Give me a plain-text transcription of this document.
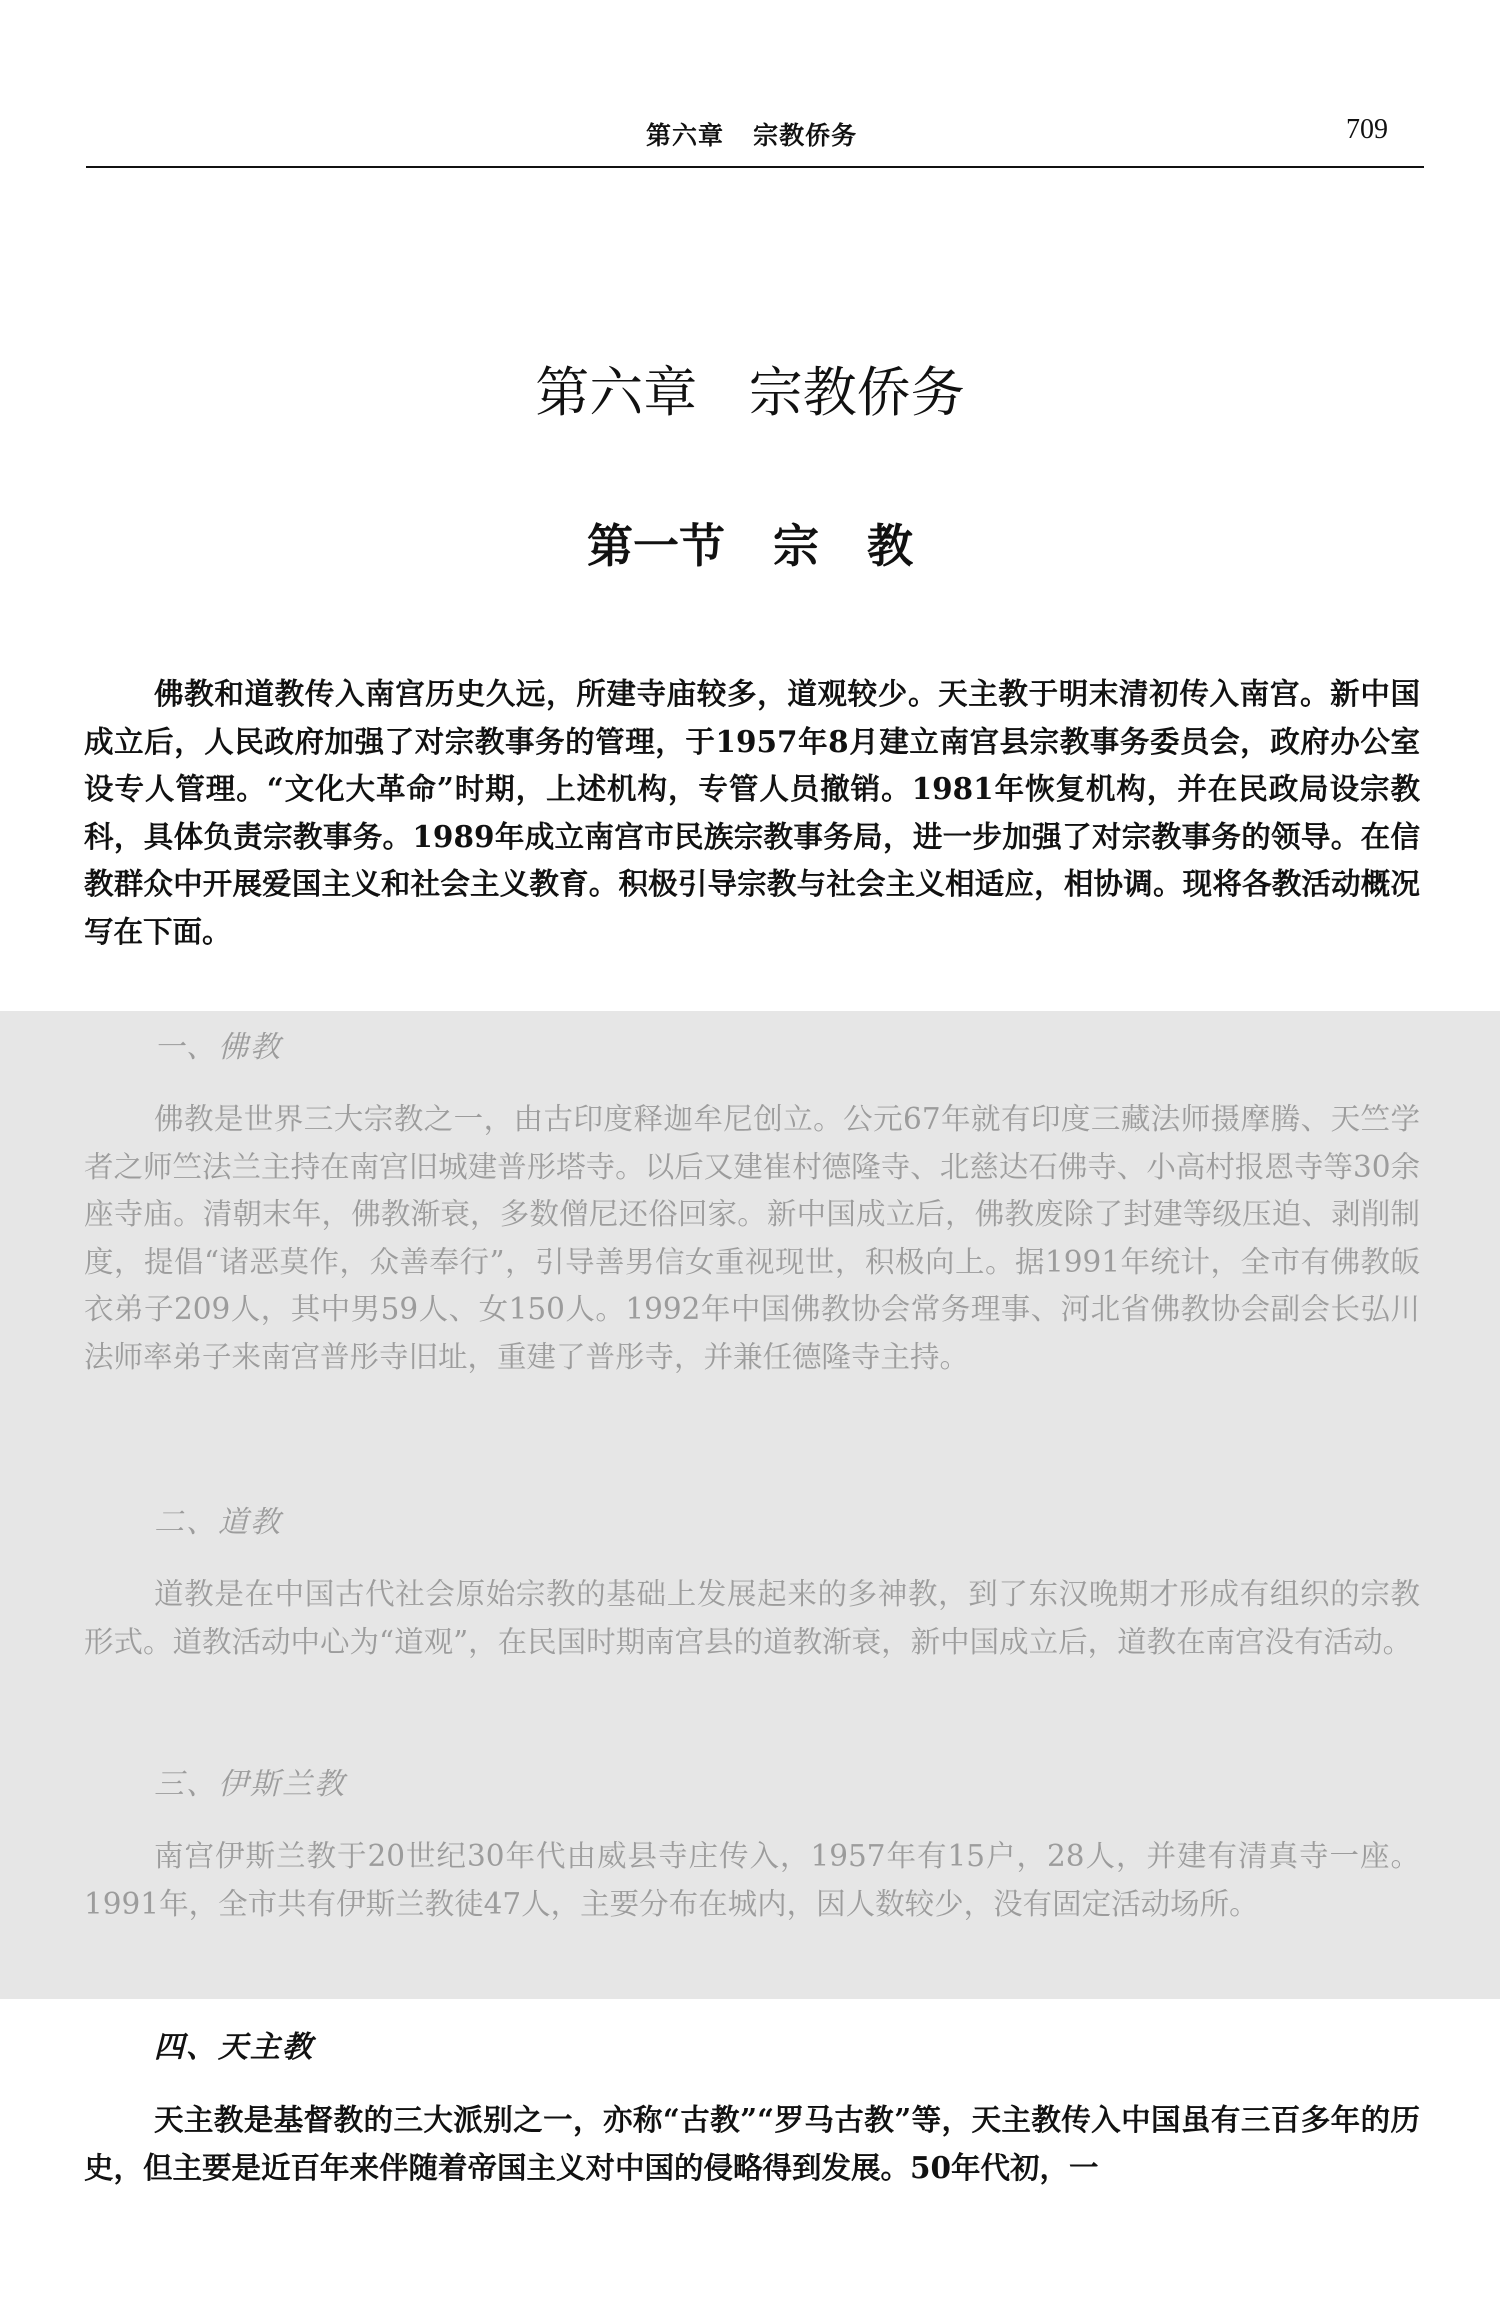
第六章   宗教侨务	709
第六章   宗教侨务
第一节   宗   教
佛教和道教传入南宫历史久远，所建寺庙较多，道观较少。天主教于明末清初传入南宫。新中国成立后，人民政府加强了对宗教事务的管理，于1957年8月建立南宫县宗教事务委员会，政府办公室设专人管理。“文化大革命”时期，上述机构，专管人员撤销。1981年恢复机构，并在民政局设宗教科，具体负责宗教事务。1989年成立南宫市民族宗教事务局，进一步加强了对宗教事务的领导。在信教群众中开展爱国主义和社会主义教育。积极引导宗教与社会主义相适应，相协调。现将各教活动概况写在下面。
一、佛教
佛教是世界三大宗教之一，由古印度释迦牟尼创立。公元67年就有印度三藏法师摄摩腾、天竺学者之师竺法兰主持在南宫旧城建普彤塔寺。以后又建崔村德隆寺、北慈达石佛寺、小高村报恩寺等30余座寺庙。清朝末年，佛教渐衰，多数僧尼还俗回家。新中国成立后，佛教废除了封建等级压迫、剥削制度，提倡“诸恶莫作，众善奉行”，引导善男信女重视现世，积极向上。据1991年统计，全市有佛教皈衣弟子209人，其中男59人、女150人。1992年中国佛教协会常务理事、河北省佛教协会副会长弘川法师率弟子来南宫普彤寺旧址，重建了普彤寺，并兼任德隆寺主持。
二、道教
道教是在中国古代社会原始宗教的基础上发展起来的多神教，到了东汉晚期才形成有组织的宗教形式。道教活动中心为“道观”，在民国时期南宫县的道教渐衰，新中国成立后，道教在南宫没有活动。
三、伊斯兰教
南宫伊斯兰教于20世纪30年代由威县寺庄传入，1957年有15户，28人，并建有清真寺一座。1991年，全市共有伊斯兰教徒47人，主要分布在城内，因人数较少，没有固定活动场所。
四、天主教
天主教是基督教的三大派别之一，亦称“古教”“罗马古教”等，天主教传入中国虽有三百多年的历史，但主要是近百年来伴随着帝国主义对中国的侵略得到发展。50年代初，一
